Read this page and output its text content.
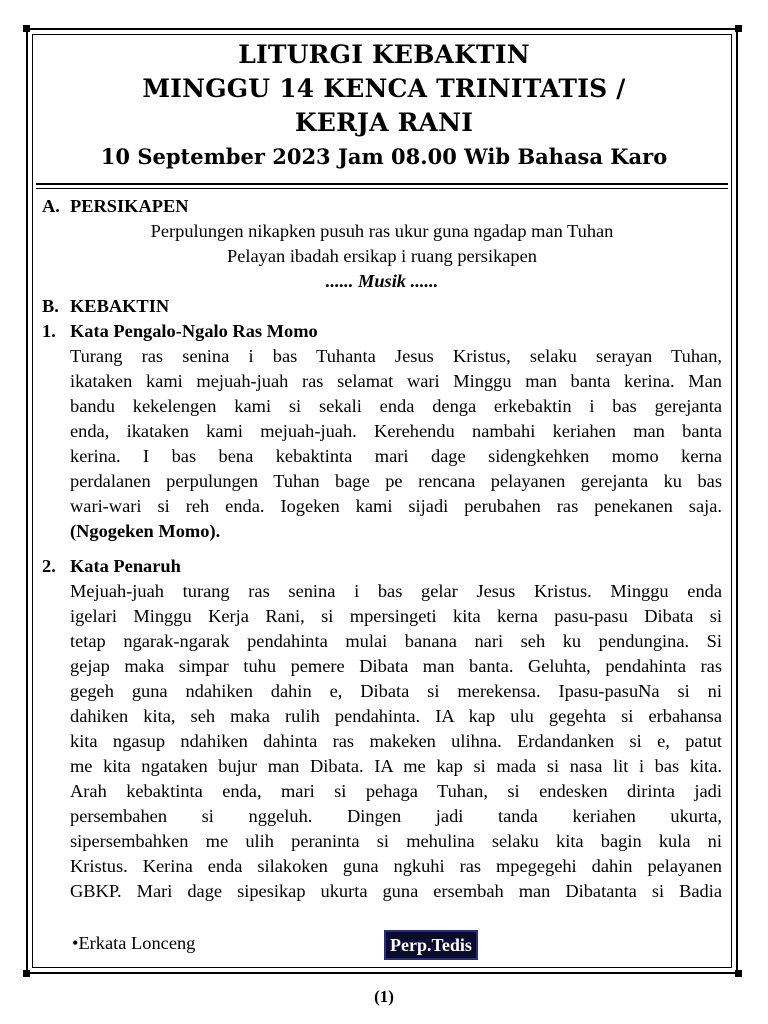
LITURGI KEBAKTIN
MINGGU 14 KENCA TRINITATIS /
KERJA RANI
10 September 2023 Jam 08.00 Wib Bahasa Karo
A. PERSIKAPEN
Perpulungen nikapken pusuh ras ukur guna ngadap man Tuhan
Pelayan ibadah ersikap i ruang persikapen
...... Musik ......
B. KEBAKTIN
1. Kata Pengalo-Ngalo Ras Momo
Turang ras senina i bas Tuhanta Jesus Kristus, selaku serayan Tuhan,
ikataken kami mejuah-juah ras selamat wari Minggu man banta kerina. Man
bandu kekelengen kami si sekali enda denga erkebaktin i bas gerejanta
enda, ikataken kami mejuah-juah. Kerehendu nambahi keriahen man banta
kerina. I bas bena kebaktinta mari dage sidengkehken momo kerna
perdalanen perpulungen Tuhan bage pe rencana pelayanen gerejanta ku bas
wari-wari si reh enda. Iogeken kami sijadi perubahen ras penekanen saja.
(Ngogeken Momo).
2. Kata Penaruh
Mejuah-juah turang ras senina i bas gelar Jesus Kristus. Minggu enda
igelari Minggu Kerja Rani, si mpersingeti kita kerna pasu-pasu Dibata si
tetap ngarak-ngarak pendahinta mulai banana nari seh ku pendungina. Si
gejap maka simpar tuhu pemere Dibata man banta. Geluhta, pendahinta ras
gegeh guna ndahiken dahin e, Dibata si merekensa. Ipasu-pasuNa si ni
dahiken kita, seh maka rulih pendahinta. IA kap ulu gegehta si erbahansa
kita ngasup ndahiken dahinta ras makeken ulihna. Erdandanken si e, patut
me kita ngataken bujur man Dibata. IA me kap si mada si nasa lit i bas kita.
Arah kebaktinta enda, mari si pehaga Tuhan, si endesken dirinta jadi
persembahen si nggeluh. Dingen jadi tanda keriahen ukurta,
sipersembahken me ulih peraninta si mehulina selaku kita bagin kula ni
Kristus. Kerina enda silakoken guna ngkuhi ras mpegegehi dahin pelayanen
GBKP. Mari dage sipesikap ukurta guna ersembah man Dibatanta si Badia
•Erkata Lonceng	Perp.Tedis
(1)
